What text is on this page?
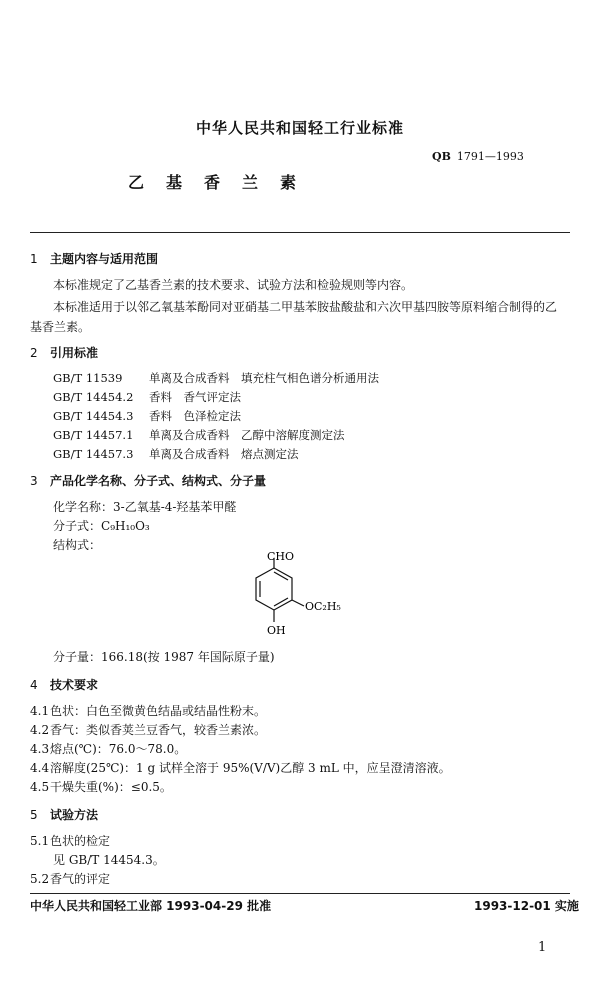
中华人民共和国轻工行业标准
QB 1791—1993
乙基香兰素
1 主题内容与适用范围
本标准规定了乙基香兰素的技术要求、试验方法和检验规则等内容。
本标准适用于以邻乙氧基苯酚同对亚硝基二甲基苯胺盐酸盐和六次甲基四胺等原料缩合制得的乙
基香兰素。
2 引用标准
GB/T 11539 单离及合成香料　填充柱气相色谱分析通用法
GB/T 14454.2 香料　香气评定法
GB/T 14454.3 香料　色泽检定法
GB/T 14457.1 单离及合成香料　乙醇中溶解度测定法
GB/T 14457.3 单离及合成香料　熔点测定法
3 产品化学名称、分子式、结构式、分子量
化学名称：3-乙氧基-4-羟基苯甲醛
分子式：C₉H₁₀O₃
结构式：
CHO
OC₂H₅
OH
分子量：166.18(按 1987 年国际原子量)
4 技术要求
4.1色状：白色至微黄色结晶或结晶性粉末。
4.2香气：类似香荚兰豆香气，较香兰素浓。
4.3熔点(℃)：76.0～78.0。
4.4溶解度(25℃)：1 g 试样全溶于 95%(V/V)乙醇 3 mL 中，应呈澄清溶液。
4.5干燥失重(%)：≤0.5。
5 试验方法
5.1色状的检定
见 GB/T 14454.3。
5.2香气的评定
中华人民共和国轻工业部 1993-04-29 批准	1993-12-01 实施
1
